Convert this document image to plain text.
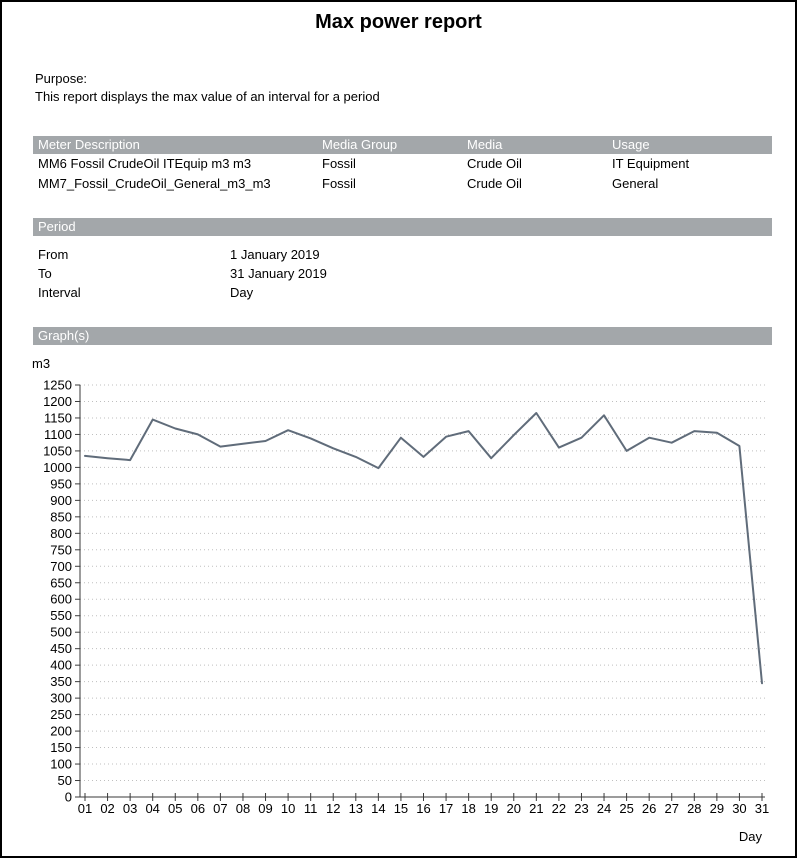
Max power report
Purpose:
This report displays the max value of an interval for a period
Meter Description	Media Group	Media	Usage
MM6 Fossil CrudeOil ITEquip m3 m3	Fossil	Crude Oil	IT Equipment
MM7_Fossil_CrudeOil_General_m3_m3	Fossil	Crude Oil	General
Period
From	1 January 2019
To	31 January 2019
Interval	Day
Graph(s)
m3
0
50
100
150
200
250
300
350
400
450
500
550
600
650
700
750
800
850
900
950
1000
1050
1100
1150
1200
1250
01 02 03 04 05 06 07 08 09 10 11 12 13 14 15 16 17 18 19 20 21 22 23 24 25 26 27 28 29 30 31
Day
